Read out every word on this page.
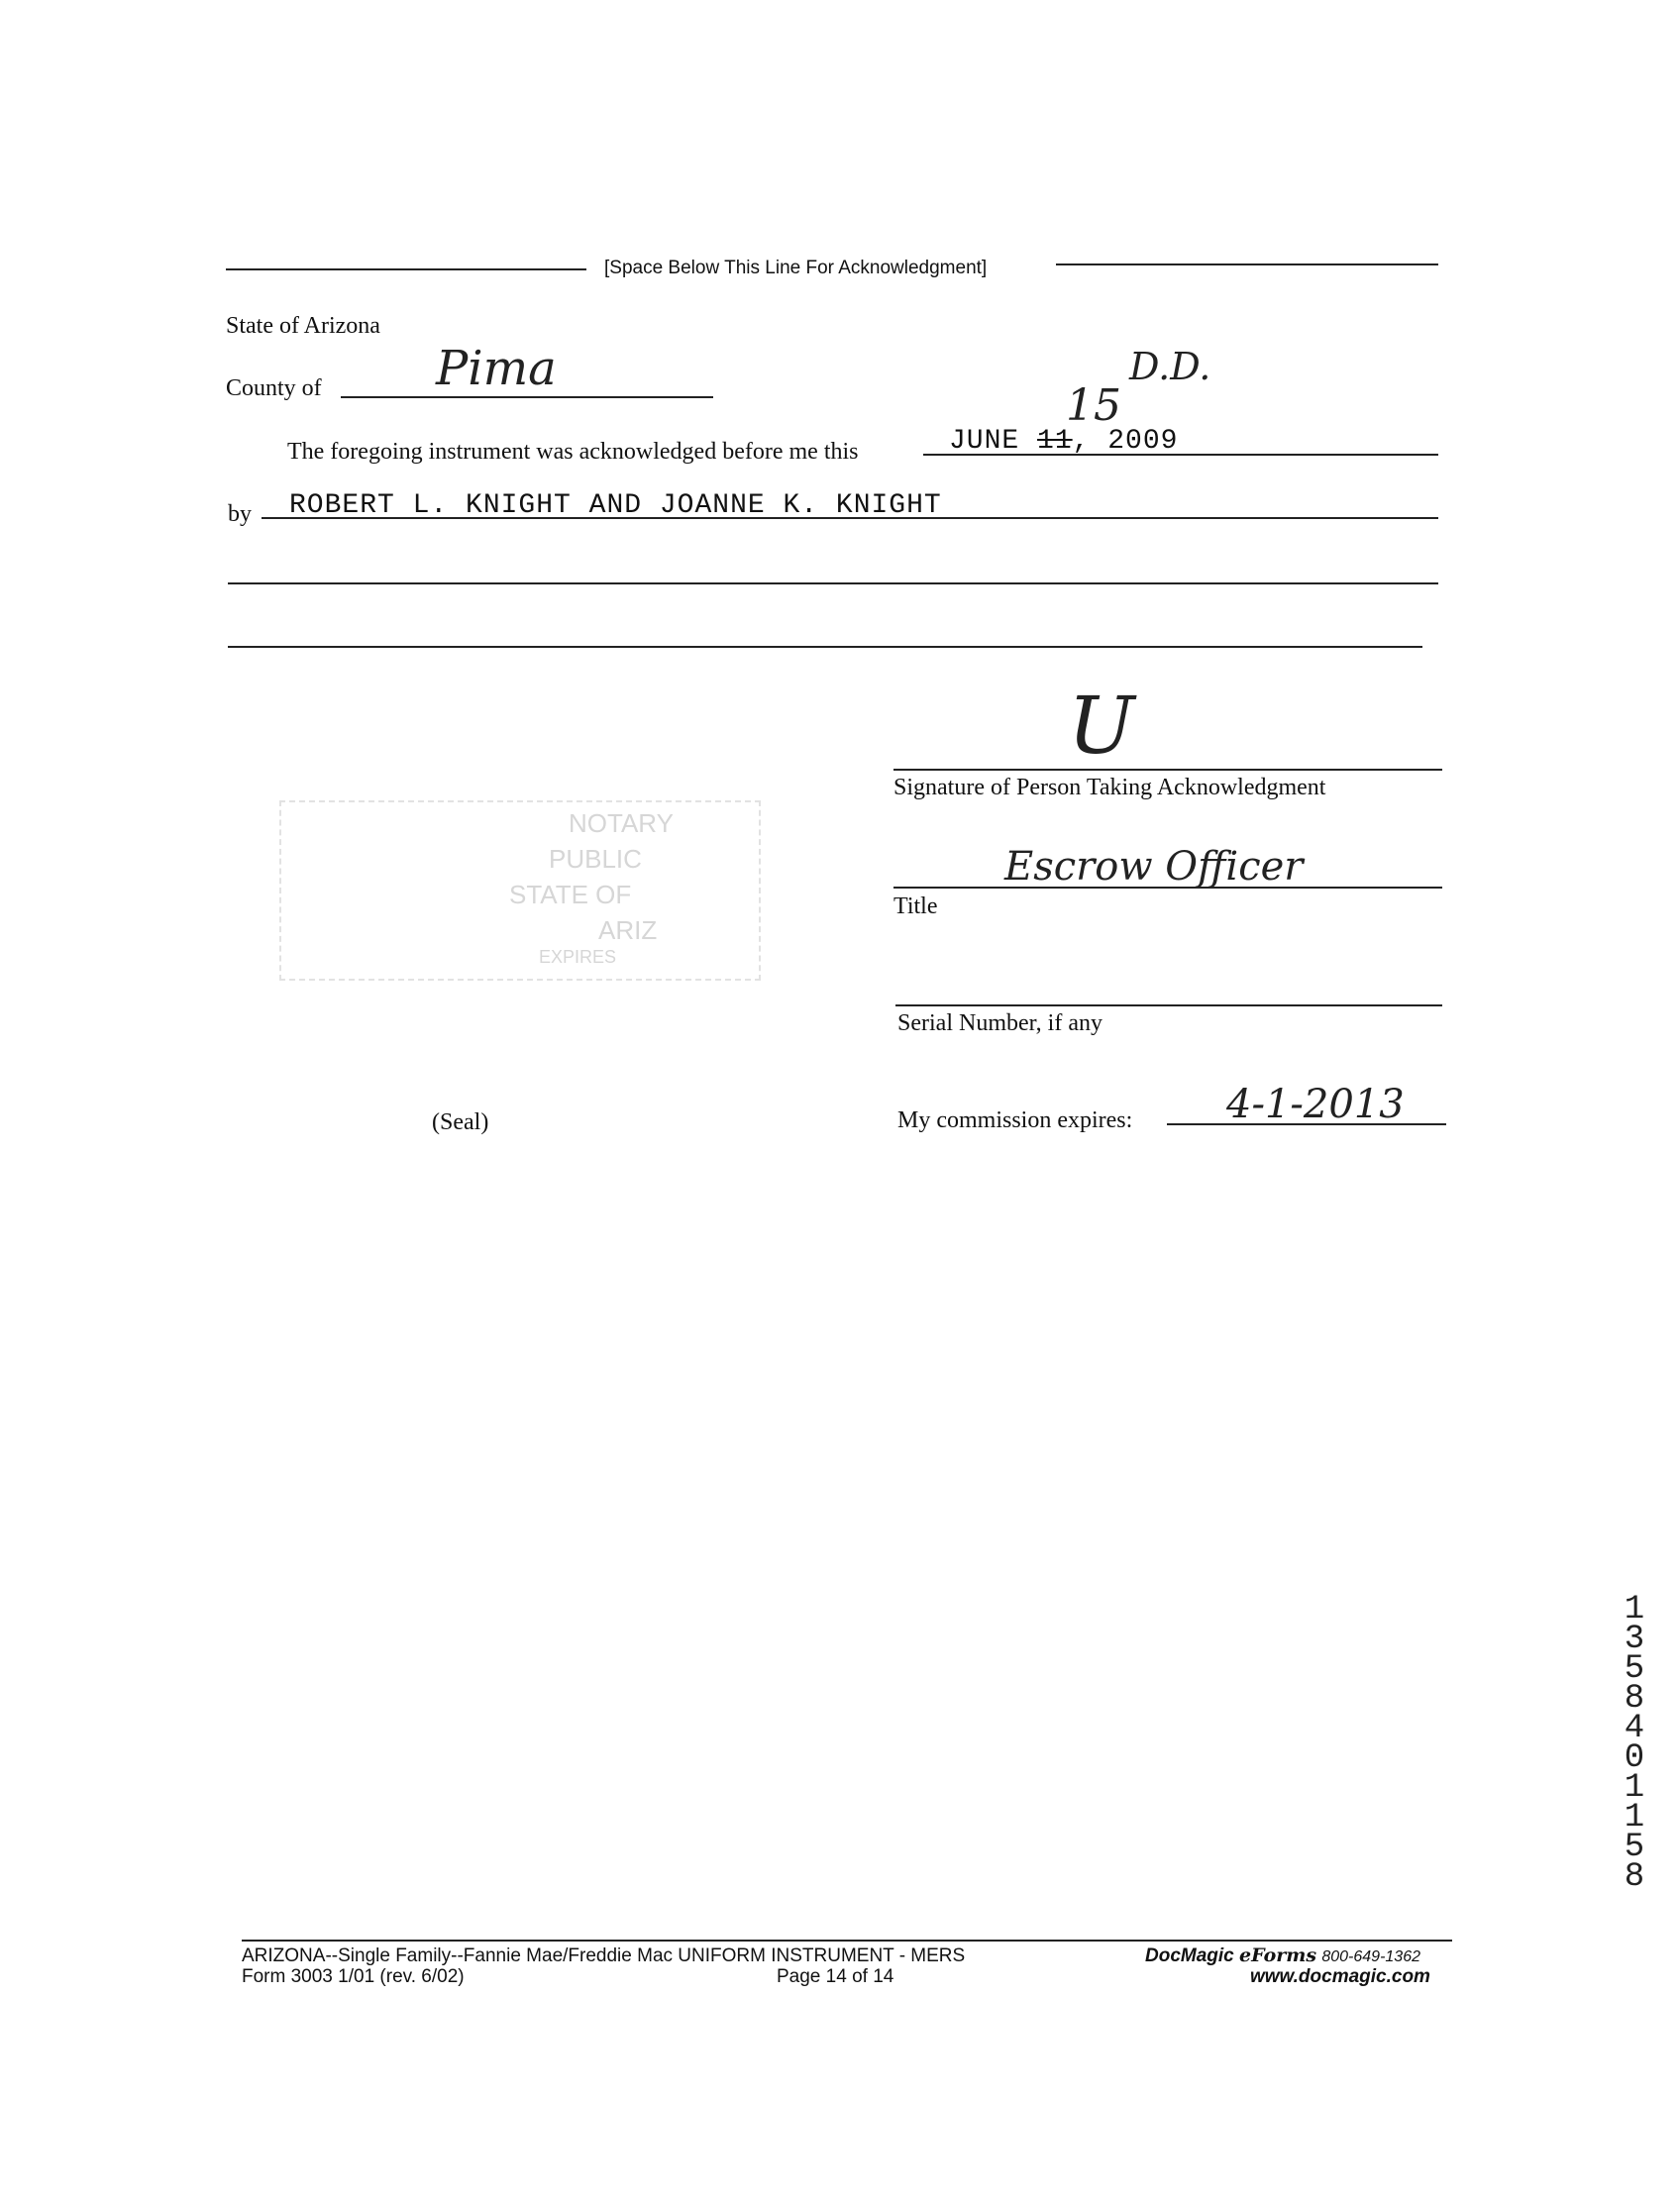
[Space Below This Line For Acknowledgment]
State of Arizona
County of Pima
The foregoing instrument was acknowledged before me this	JUNE 11, 2009
15
D.D.
by ROBERT L. KNIGHT AND JOANNE K. KNIGHT
U
Signature of Person Taking Acknowledgment
Escrow Officer
Title
Serial Number, if any
My commission expires: 4-1-2013
NOTARY
PUBLIC
STATE OF
ARIZ
EXPIRES
(Seal)
1
3
5
8
4
0
1
1
5
8
ARIZONA--Single Family--Fannie Mae/Freddie Mac UNIFORM INSTRUMENT - MERS
Form 3003 1/01 (rev. 6/02)	Page 14 of 14
DocMagic eForms 800-649-1362
www.docmagic.com
